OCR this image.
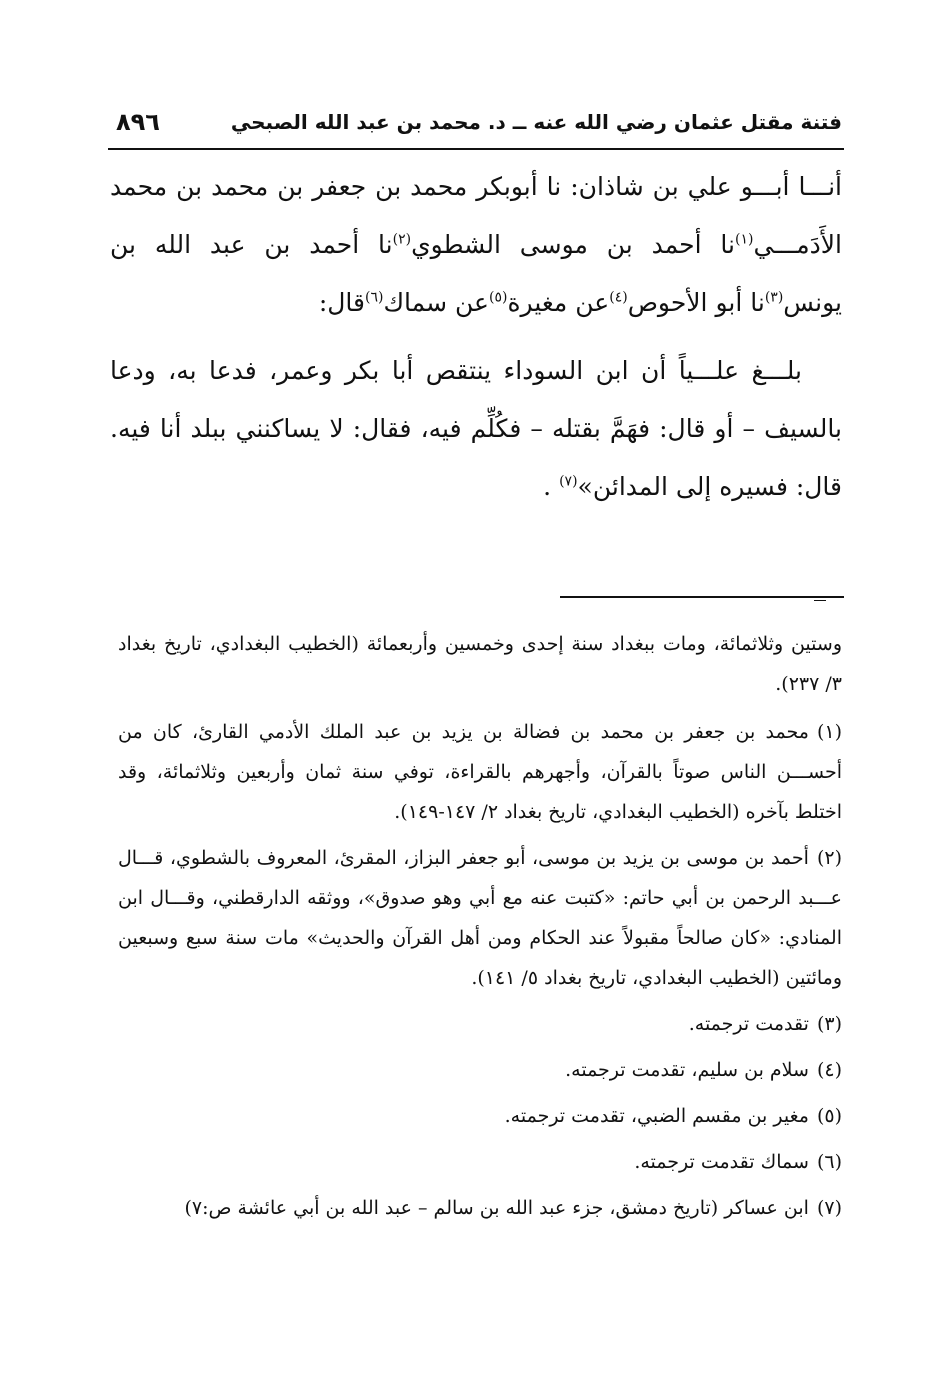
فتنة مقتل عثمان رضي الله عنه ــ د. محمد بن عبد الله الصبحي
٨٩٦

أنـــا أبـــو علي بن شاذان: نا أبوبكر محمد بن جعفر بن محمد بن محمد الأَدَمـــي$^{(١)}$نا أحمد بن موسى الشطوي$^{(٢)}$نا أحمد بن عبد الله بن يونس$^{(٣)}$نا أبو الأحوص$^{(٤)}$عن مغيرة$^{(٥)}$عن سماك$^{(٦)}$قال:

بلـــغ علـــياً أن ابن السوداء ينتقص أبا بكر وعمر، فدعا به، ودعا بالسيف – أو قال: فهَمَّ بقتله – فكُلِّم فيه، فقال: لا يساكنني ببلد أنا فيه. قال: فسيره إلى المدائن»$^{(٧)}$ .

وستين وثلاثمائة، ومات ببغداد سنة إحدى وخمسين وأربعمائة (الخطيب البغدادي، تاريخ بغداد ٣/ ٢٣٧).

(١)محمد بن جعفر بن محمد بن فضالة بن يزيد بن عبد الملك الأدمي القارئ، كان من أحســـن الناس صوتاً بالقرآن، وأجهرهم بالقراءة، توفي سنة ثمان وأربعين وثلاثمائة، وقد اختلط بآخره (الخطيب البغدادي، تاريخ بغداد ٢/ ١٤٧-١٤٩).

(٢)أحمد بن موسى بن يزيد بن موسى، أبو جعفر البزاز، المقرئ، المعروف بالشطوي، قـــال عـــبد الرحمن بن أبي حاتم: «كتبت عنه مع أبي وهو صدوق»، ووثقه الدارقطني، وقـــال ابن المنادي: «كان صالحاً مقبولاً عند الحكام ومن أهل القرآن والحديث» مات سنة سبع وسبعين ومائتين (الخطيب البغدادي، تاريخ بغداد ٥/ ١٤١).

(٣)تقدمت ترجمته.

(٤)سلام بن سليم، تقدمت ترجمته.

(٥)مغير بن مقسم الضبي، تقدمت ترجمته.

(٦)سماك تقدمت ترجمته.

(٧)ابن عساكر (تاريخ دمشق، جزء عبد الله بن سالم – عبد الله بن أبي عائشة ص:٧)
